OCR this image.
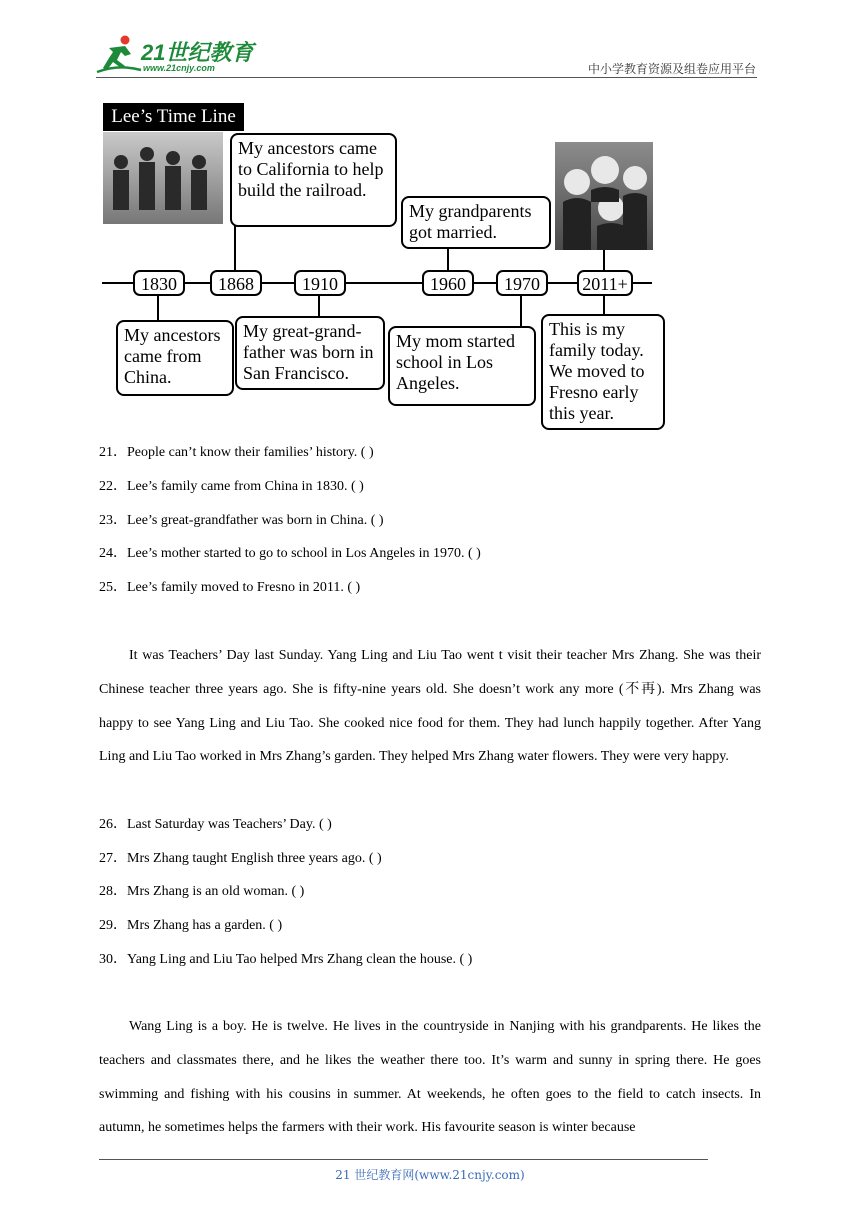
21世纪教育
www.21cnjy.com	中小学教育资源及组卷应用平台
Lee’s Time Line
1830	1868	1910	1960	1970	2011+
My ancestors came to California to help build the railroad.
My grandparents got married.
My ancestors came from China.
My great-grand-father was born in San Francisco.
My mom started school in Los Angeles.
This is my family today. We moved to Fresno early this year.
21．People can’t know their families’ history. ( )
22．Lee’s family came from China in 1830. ( )
23．Lee’s great-grandfather was born in China. ( )
24．Lee’s mother started to go to school in Los Angeles in 1970. ( )
25．Lee’s family moved to Fresno in 2011. ( )
It was Teachers’ Day last Sunday. Yang Ling and Liu Tao went t visit their teacher Mrs Zhang. She was their Chinese teacher three years ago. She is fifty-nine years old. She doesn’t work any more (不再). Mrs Zhang was happy to see Yang Ling and Liu Tao. She cooked nice food for them. They had lunch happily together. After Yang Ling and Liu Tao worked in Mrs Zhang’s garden. They helped Mrs Zhang water flowers. They were very happy.
26．Last Saturday was Teachers’ Day. ( )
27．Mrs Zhang taught English three years ago. ( )
28．Mrs Zhang is an old woman. ( )
29．Mrs Zhang has a garden. ( )
30．Yang Ling and Liu Tao helped Mrs Zhang clean the house. ( )
Wang Ling is a boy. He is twelve. He lives in the countryside in Nanjing with his grandparents. He likes the teachers and classmates there, and he likes the weather there too. It’s warm and sunny in spring there. He goes swimming and fishing with his cousins in summer. At weekends, he often goes to the field to catch insects. In autumn, he sometimes helps the farmers with their work. His favourite season is winter because
21 世纪教育网(www.21cnjy.com)
